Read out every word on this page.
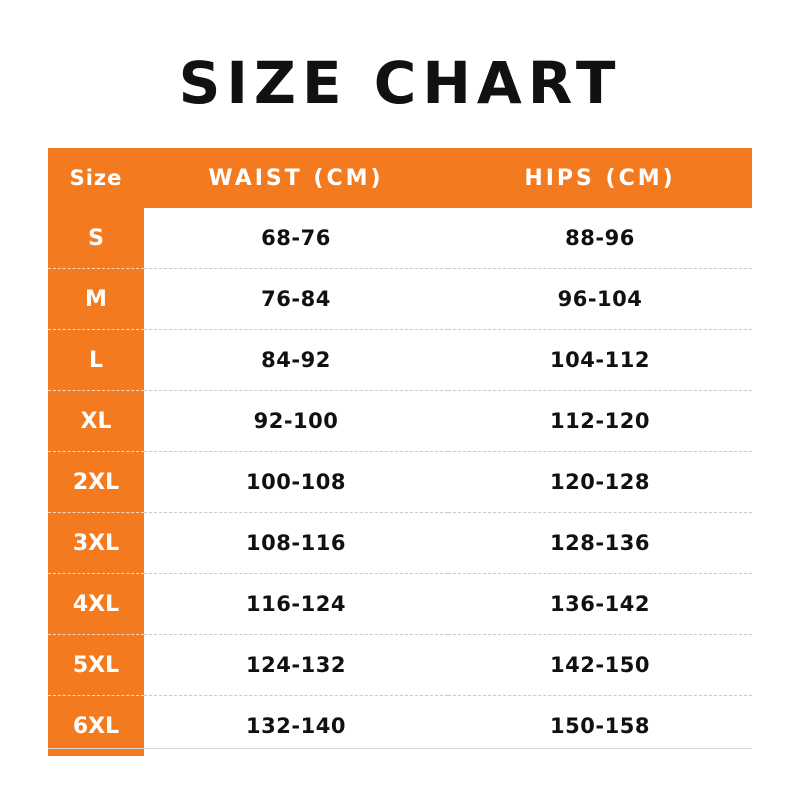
SIZE CHART
Size	WAIST (CM)	HIPS (CM)
S	68-76	88-96
M	76-84	96-104
L	84-92	104-112
XL	92-100	112-120
2XL	100-108	120-128
3XL	108-116	128-136
4XL	116-124	136-142
5XL	124-132	142-150
6XL	132-140	150-158
